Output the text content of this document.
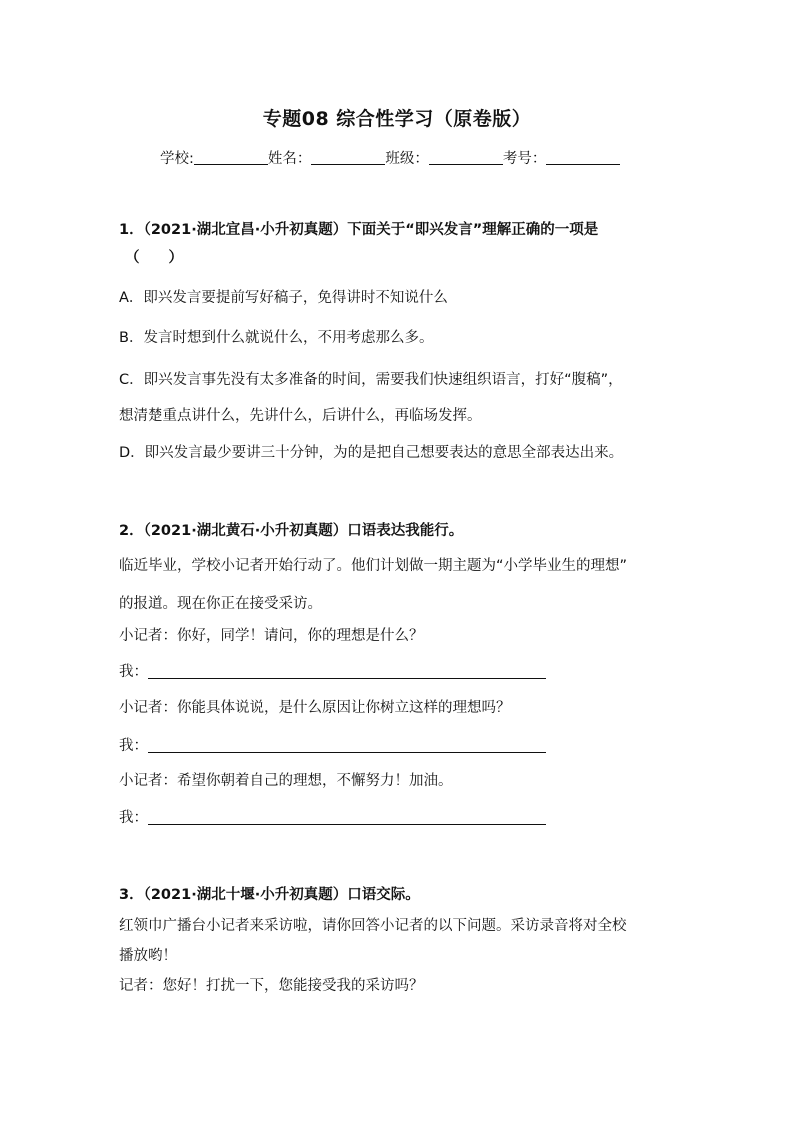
专题08 综合性学习（原卷版）
学校:	姓名：	班级：	考号：
1．（2021·湖北宜昌·小升初真题）下面关于“即兴发言”理解正确的一项是
（　　）
A．即兴发言要提前写好稿子，免得讲时不知说什么
B．发言时想到什么就说什么，不用考虑那么多。
C．即兴发言事先没有太多准备的时间，需要我们快速组织语言，打好“腹稿”，
想清楚重点讲什么，先讲什么，后讲什么，再临场发挥。
D．即兴发言最少要讲三十分钟，为的是把自己想要表达的意思全部表达出来。
2．（2021·湖北黄石·小升初真题）口语表达我能行。
临近毕业，学校小记者开始行动了。他们计划做一期主题为“小学毕业生的理想”
的报道。现在你正在接受采访。
小记者：你好，同学！请问，你的理想是什么？
我：
小记者：你能具体说说，是什么原因让你树立这样的理想吗？
我：
小记者：希望你朝着自己的理想，不懈努力！加油。
我：
3．（2021·湖北十堰·小升初真题）口语交际。
红领巾广播台小记者来采访啦，请你回答小记者的以下问题。采访录音将对全校
播放哟！
记者：您好！打扰一下，您能接受我的采访吗？
